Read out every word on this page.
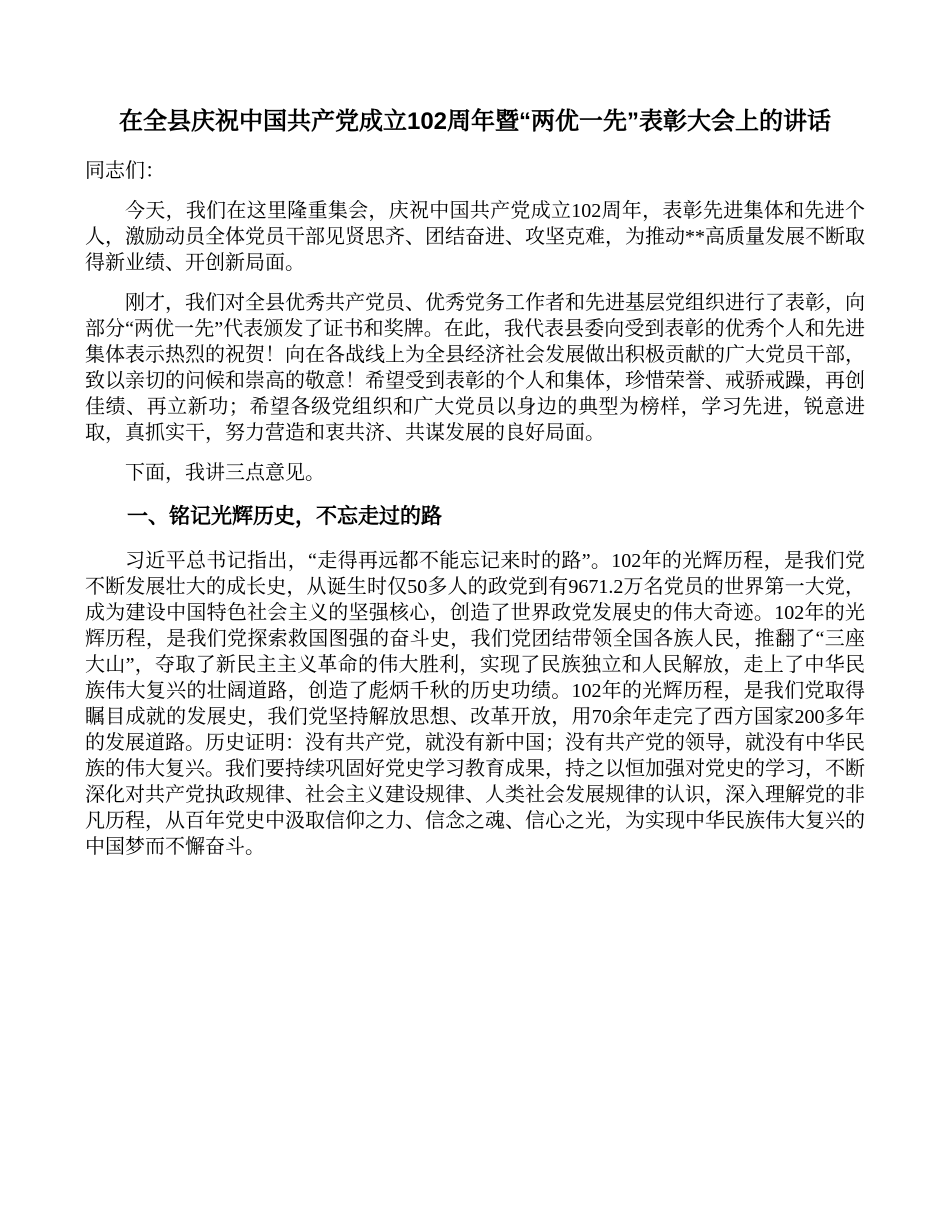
在全县庆祝中国共产党成立102周年暨“两优一先”表彰大会上的讲话

同志们：

今天，我们在这里隆重集会，庆祝中国共产党成立102周年，表彰先进集体和先进个人，激励动员全体党员干部见贤思齐、团结奋进、攻坚克难，为推动**高质量发展不断取得新业绩、开创新局面。

刚才，我们对全县优秀共产党员、优秀党务工作者和先进基层党组织进行了表彰，向部分“两优一先”代表颁发了证书和奖牌。在此，我代表县委向受到表彰的优秀个人和先进集体表示热烈的祝贺！向在各战线上为全县经济社会发展做出积极贡献的广大党员干部，致以亲切的问候和崇高的敬意！希望受到表彰的个人和集体，珍惜荣誉、戒骄戒躁，再创佳绩、再立新功；希望各级党组织和广大党员以身边的典型为榜样，学习先进，锐意进取，真抓实干，努力营造和衷共济、共谋发展的良好局面。

下面，我讲三点意见。

一、铭记光辉历史，不忘走过的路

习近平总书记指出，“走得再远都不能忘记来时的路”。102年的光辉历程，是我们党不断发展壮大的成长史，从诞生时仅50多人的政党到有9671.2万名党员的世界第一大党，成为建设中国特色社会主义的坚强核心，创造了世界政党发展史的伟大奇迹。102年的光辉历程，是我们党探索救国图强的奋斗史，我们党团结带领全国各族人民，推翻了“三座大山”，夺取了新民主主义革命的伟大胜利，实现了民族独立和人民解放，走上了中华民族伟大复兴的壮阔道路，创造了彪炳千秋的历史功绩。102年的光辉历程，是我们党取得瞩目成就的发展史，我们党坚持解放思想、改革开放，用70余年走完了西方国家200多年的发展道路。历史证明：没有共产党，就没有新中国；没有共产党的领导，就没有中华民族的伟大复兴。我们要持续巩固好党史学习教育成果，持之以恒加强对党史的学习，不断深化对共产党执政规律、社会主义建设规律、人类社会发展规律的认识，深入理解党的非凡历程，从百年党史中汲取信仰之力、信念之魂、信心之光，为实现中华民族伟大复兴的中国梦而不懈奋斗。
